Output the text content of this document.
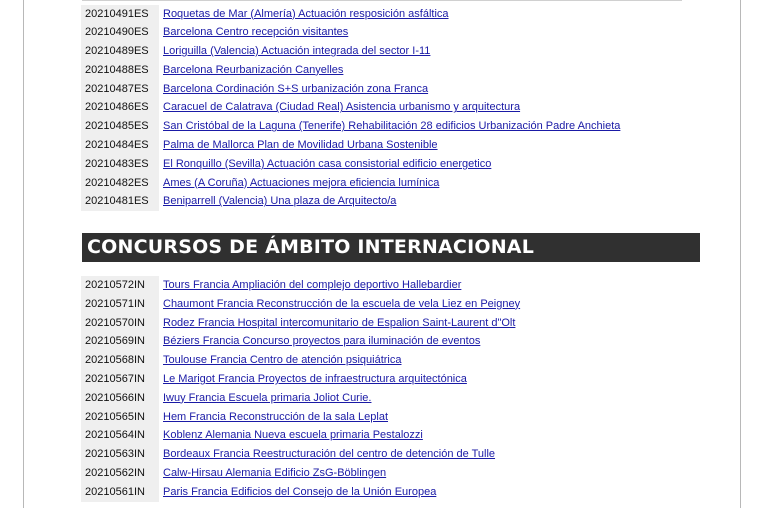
20210491ES	Roquetas de Mar (Almería) Actuación resposición asfáltica
20210490ES	Barcelona Centro recepción visitantes
20210489ES	Loriguilla (Valencia) Actuación integrada del sector I-11
20210488ES	Barcelona Reurbanización Canyelles
20210487ES	Barcelona Cordinación S+S urbanización zona Franca
20210486ES	Caracuel de Calatrava (Ciudad Real) Asistencia urbanismo y arquitectura
20210485ES	San Cristóbal de la Laguna (Tenerife) Rehabilitación 28 edificios Urbanización Padre Anchieta
20210484ES	Palma de Mallorca Plan de Movilidad Urbana Sostenible
20210483ES	El Ronquillo (Sevilla) Actuación casa consistorial edificio energetico
20210482ES	Ames (A Coruña) Actuaciones mejora eficiencia lumínica
20210481ES	Beniparrell (Valencia) Una plaza de Arquitecto/a
CONCURSOS DE ÁMBITO INTERNACIONAL
20210572IN	Tours Francia Ampliación del complejo deportivo Hallebardier
20210571IN	Chaumont Francia Reconstrucción de la escuela de vela Liez en Peigney
20210570IN	Rodez Francia Hospital intercomunitario de Espalion Saint-Laurent d"Olt
20210569IN	Béziers Francia Concurso proyectos para iluminación de eventos
20210568IN	Toulouse Francia Centro de atención psiquiátrica
20210567IN	Le Marigot Francia Proyectos de infraestructura arquitectónica
20210566IN	Iwuy Francia Escuela primaria Joliot Curie.
20210565IN	Hem Francia Reconstrucción de la sala Leplat
20210564IN	Koblenz Alemania Nueva escuela primaria Pestalozzi
20210563IN	Bordeaux Francia Reestructuración del centro de detención de Tulle
20210562IN	Calw-Hirsau Alemania Edificio ZsG-Böblingen
20210561IN	Paris Francia Edificios del Consejo de la Unión Europea
